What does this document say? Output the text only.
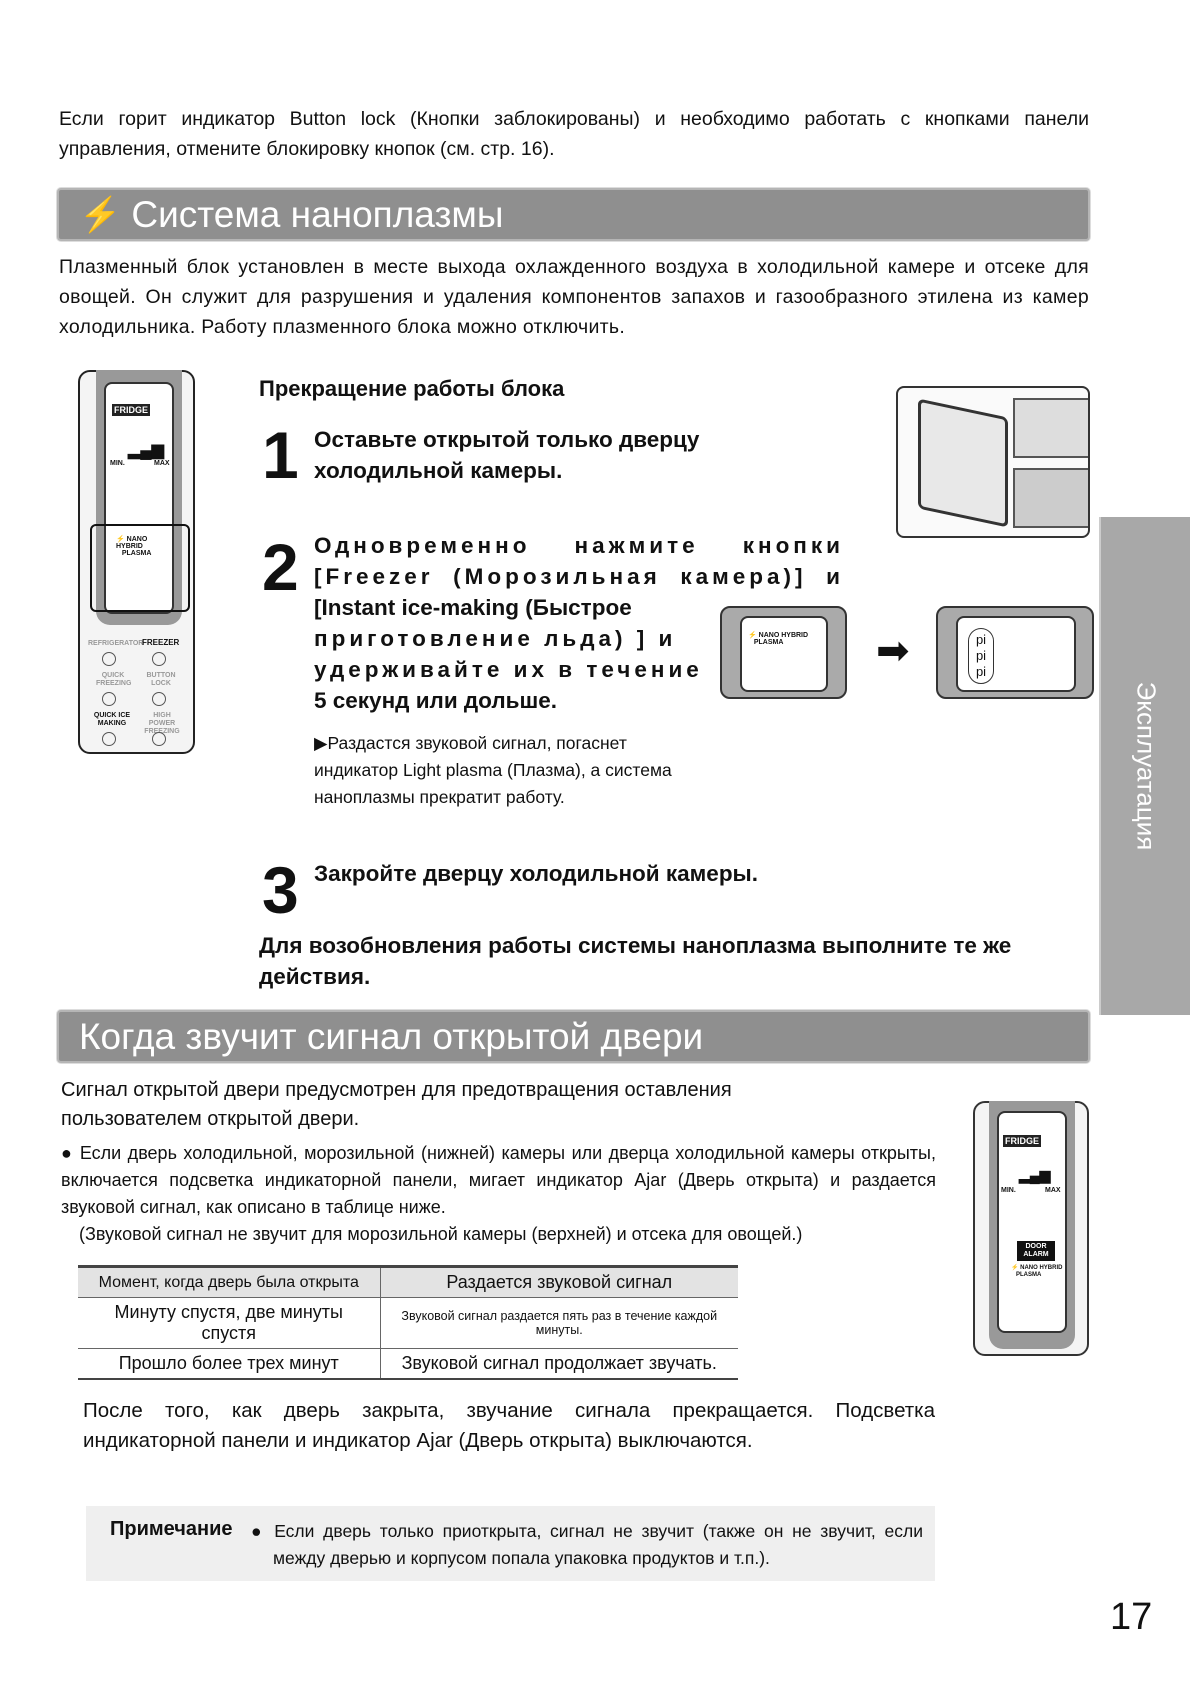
Если горит индикатор Button lock (Кнопки заблокированы) и необходимо работать с кнопками панели управления, отмените блокировку кнопок (см. стр. 16).
⚡ Система наноплазмы
Плазменный блок установлен в месте выхода охлажденного воздуха в холодильной камере и отсеке для овощей. Он служит для разрушения и удаления компонентов запахов и газообразного этилена из камер холодильника. Работу плазменного блока можно отключить.
FRIDGE
▂▄▆
MIN.	MAX
⚡ NANO HYBRID
PLASMA
REFRIGERATOR
FREEZER
QUICK FREEZING
BUTTON LOCK
QUICK ICE MAKING
HIGH POWER FREEZING
Прекращение работы блока
1 Оставьте открытой только дверцу холодильной камеры.
2 Одновременно нажмите кнопки [Freezer (Морозильная камера)] и
[Instant ice-making (Быстрое
приготовление льда) ] и удерживайте их в течение
5 секунд или дольше.
⚡ NANO HYBRID
PLASMA	➡	pi
pi
pi
▶Раздастся звуковой сигнал, погаснет индикатор Light plasma (Плазма), а система наноплазмы прекратит работу.
3 Закройте дверцу холодильной камеры.
Для возобновления работы системы наноплазма выполните те же действия.
Эксплуатация
Когда звучит сигнал открытой двери
Сигнал открытой двери предусмотрен для предотвращения оставления пользователем открытой двери.
● Если дверь холодильной, морозильной (нижней) камеры или дверца холодильной камеры открыты, включается подсветка индикаторной панели, мигает индикатор Ajar (Дверь открыта) и раздается звуковой сигнал, как описано в таблице ниже.
(Звуковой сигнал не звучит для морозильной камеры (верхней) и отсека для овощей.)
FRIDGE
▂▄▆
MIN.	MAX
DOOR ALARM
⚡ NANO HYBRID
PLASMA
Момент, когда дверь была открыта	Раздается звуковой сигнал
Минуту спустя, две минуты спустя	Звуковой сигнал раздается пять раз в течение каждой минуты.
Прошло более трех минут	Звуковой сигнал продолжает звучать.
После того, как дверь закрыта, звучание сигнала прекращается. Подсветка индикаторной панели и индикатор Ajar (Дверь открыта) выключаются.
Примечание ● Если дверь только приоткрыта, сигнал не звучит (также он не звучит, если между дверью и корпусом попала упаковка продуктов и т.п.).
17
